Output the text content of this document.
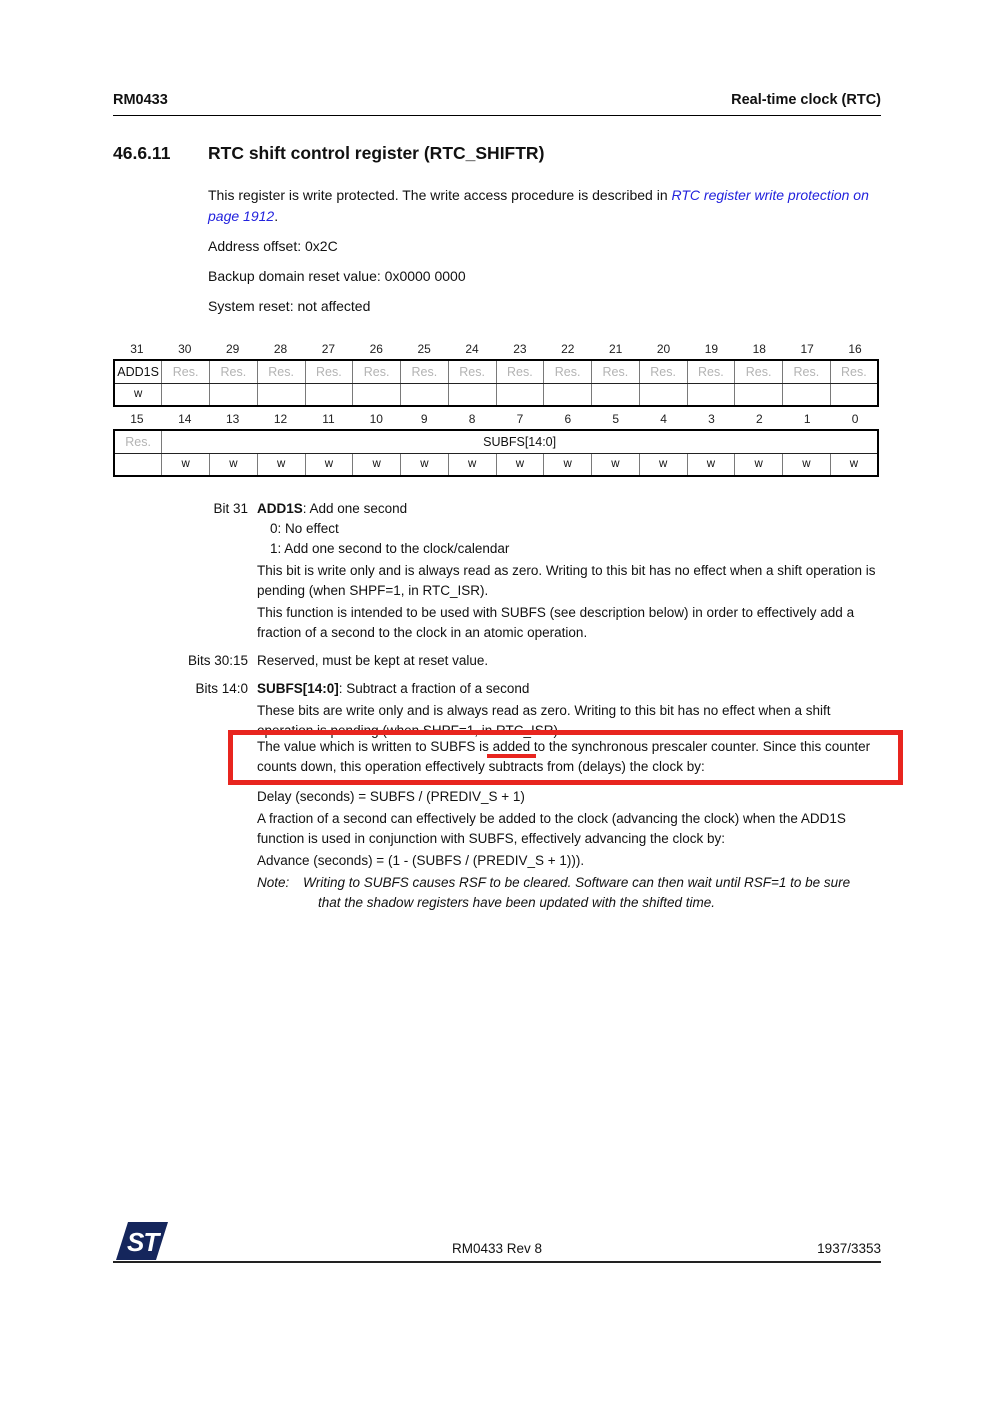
RM0433	Real-time clock (RTC)
46.6.11	RTC shift control register (RTC_SHIFTR)
This register is write protected. The write access procedure is described in RTC register write protection on page 1912.
Address offset: 0x2C
Backup domain reset value: 0x0000 0000
System reset: not affected
31	30	29	28	27	26	25	24	23	22	21	20	19	18	17	16
ADD1S	Res.	Res.	Res.	Res.	Res.	Res.	Res.	Res.	Res.	Res.	Res.	Res.	Res.	Res.	Res.
w															
15	14	13	12	11	10	9	8	7	6	5	4	3	2	1	0
Res.	SUBFS[14:0]														
	w	w	w	w	w	w	w	w	w	w	w	w	w	w	w
Bit 31 ADD1S: Add one second
0: No effect
1: Add one second to the clock/calendar
This bit is write only and is always read as zero. Writing to this bit has no effect when a shift operation is pending (when SHPF=1, in RTC_ISR).
This function is intended to be used with SUBFS (see description below) in order to effectively add a fraction of a second to the clock in an atomic operation.
Bits 30:15 Reserved, must be kept at reset value.
Bits 14:0 SUBFS[14:0]: Subtract a fraction of a second
These bits are write only and is always read as zero. Writing to this bit has no effect when a shift operation is pending (when SHPF=1, in RTC_ISR).
The value which is written to SUBFS is added to the synchronous prescaler counter. Since this counter counts down, this operation effectively subtracts from (delays) the clock by:
Delay (seconds) = SUBFS / (PREDIV_S + 1)
A fraction of a second can effectively be added to the clock (advancing the clock) when the ADD1S function is used in conjunction with SUBFS, effectively advancing the clock by:
Advance (seconds) = (1 - (SUBFS / (PREDIV_S + 1))).
Note:	Writing to SUBFS causes RSF to be cleared. Software can then wait until RSF=1 to be sure that the shadow registers have been updated with the shifted time.
ST	RM0433 Rev 8	1937/3353
